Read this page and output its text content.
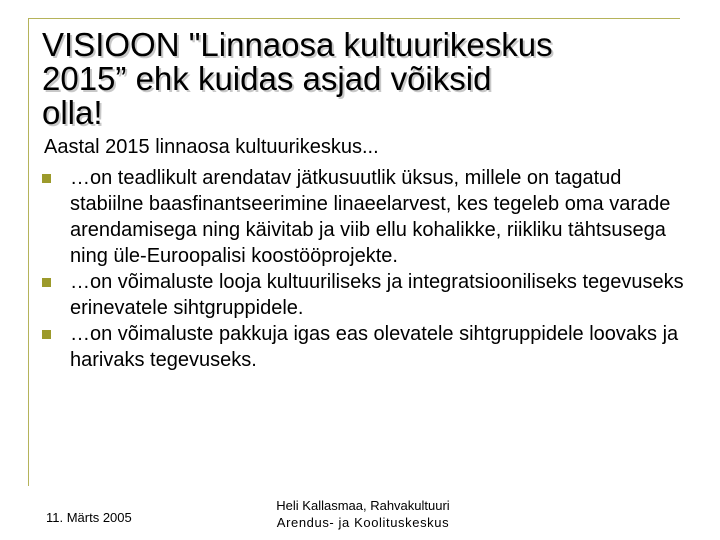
VISIOON "Linnaosa kultuurikeskus
2015” ehk kuidas asjad võiksid
olla!
Aastal 2015 linnaosa kultuurikeskus...
…on teadlikult arendatav jätkusuutlik üksus, millele on tagatud stabiilne baasfinantseerimine linaeelarvest, kes tegeleb oma varade arendamisega ning käivitab ja viib ellu kohalikke, riikliku tähtsusega ning üle-Euroopalisi koostööprojekte.
…on võimaluste looja kultuuriliseks ja integratsiooniliseks tegevuseks erinevatele sihtgruppidele.
…on võimaluste pakkuja igas eas olevatele sihtgruppidele loovaks ja harivaks tegevuseks.
11. Märts 2005
Heli Kallasmaa, Rahvakultuuri
Arendus- ja Koolituskeskus
